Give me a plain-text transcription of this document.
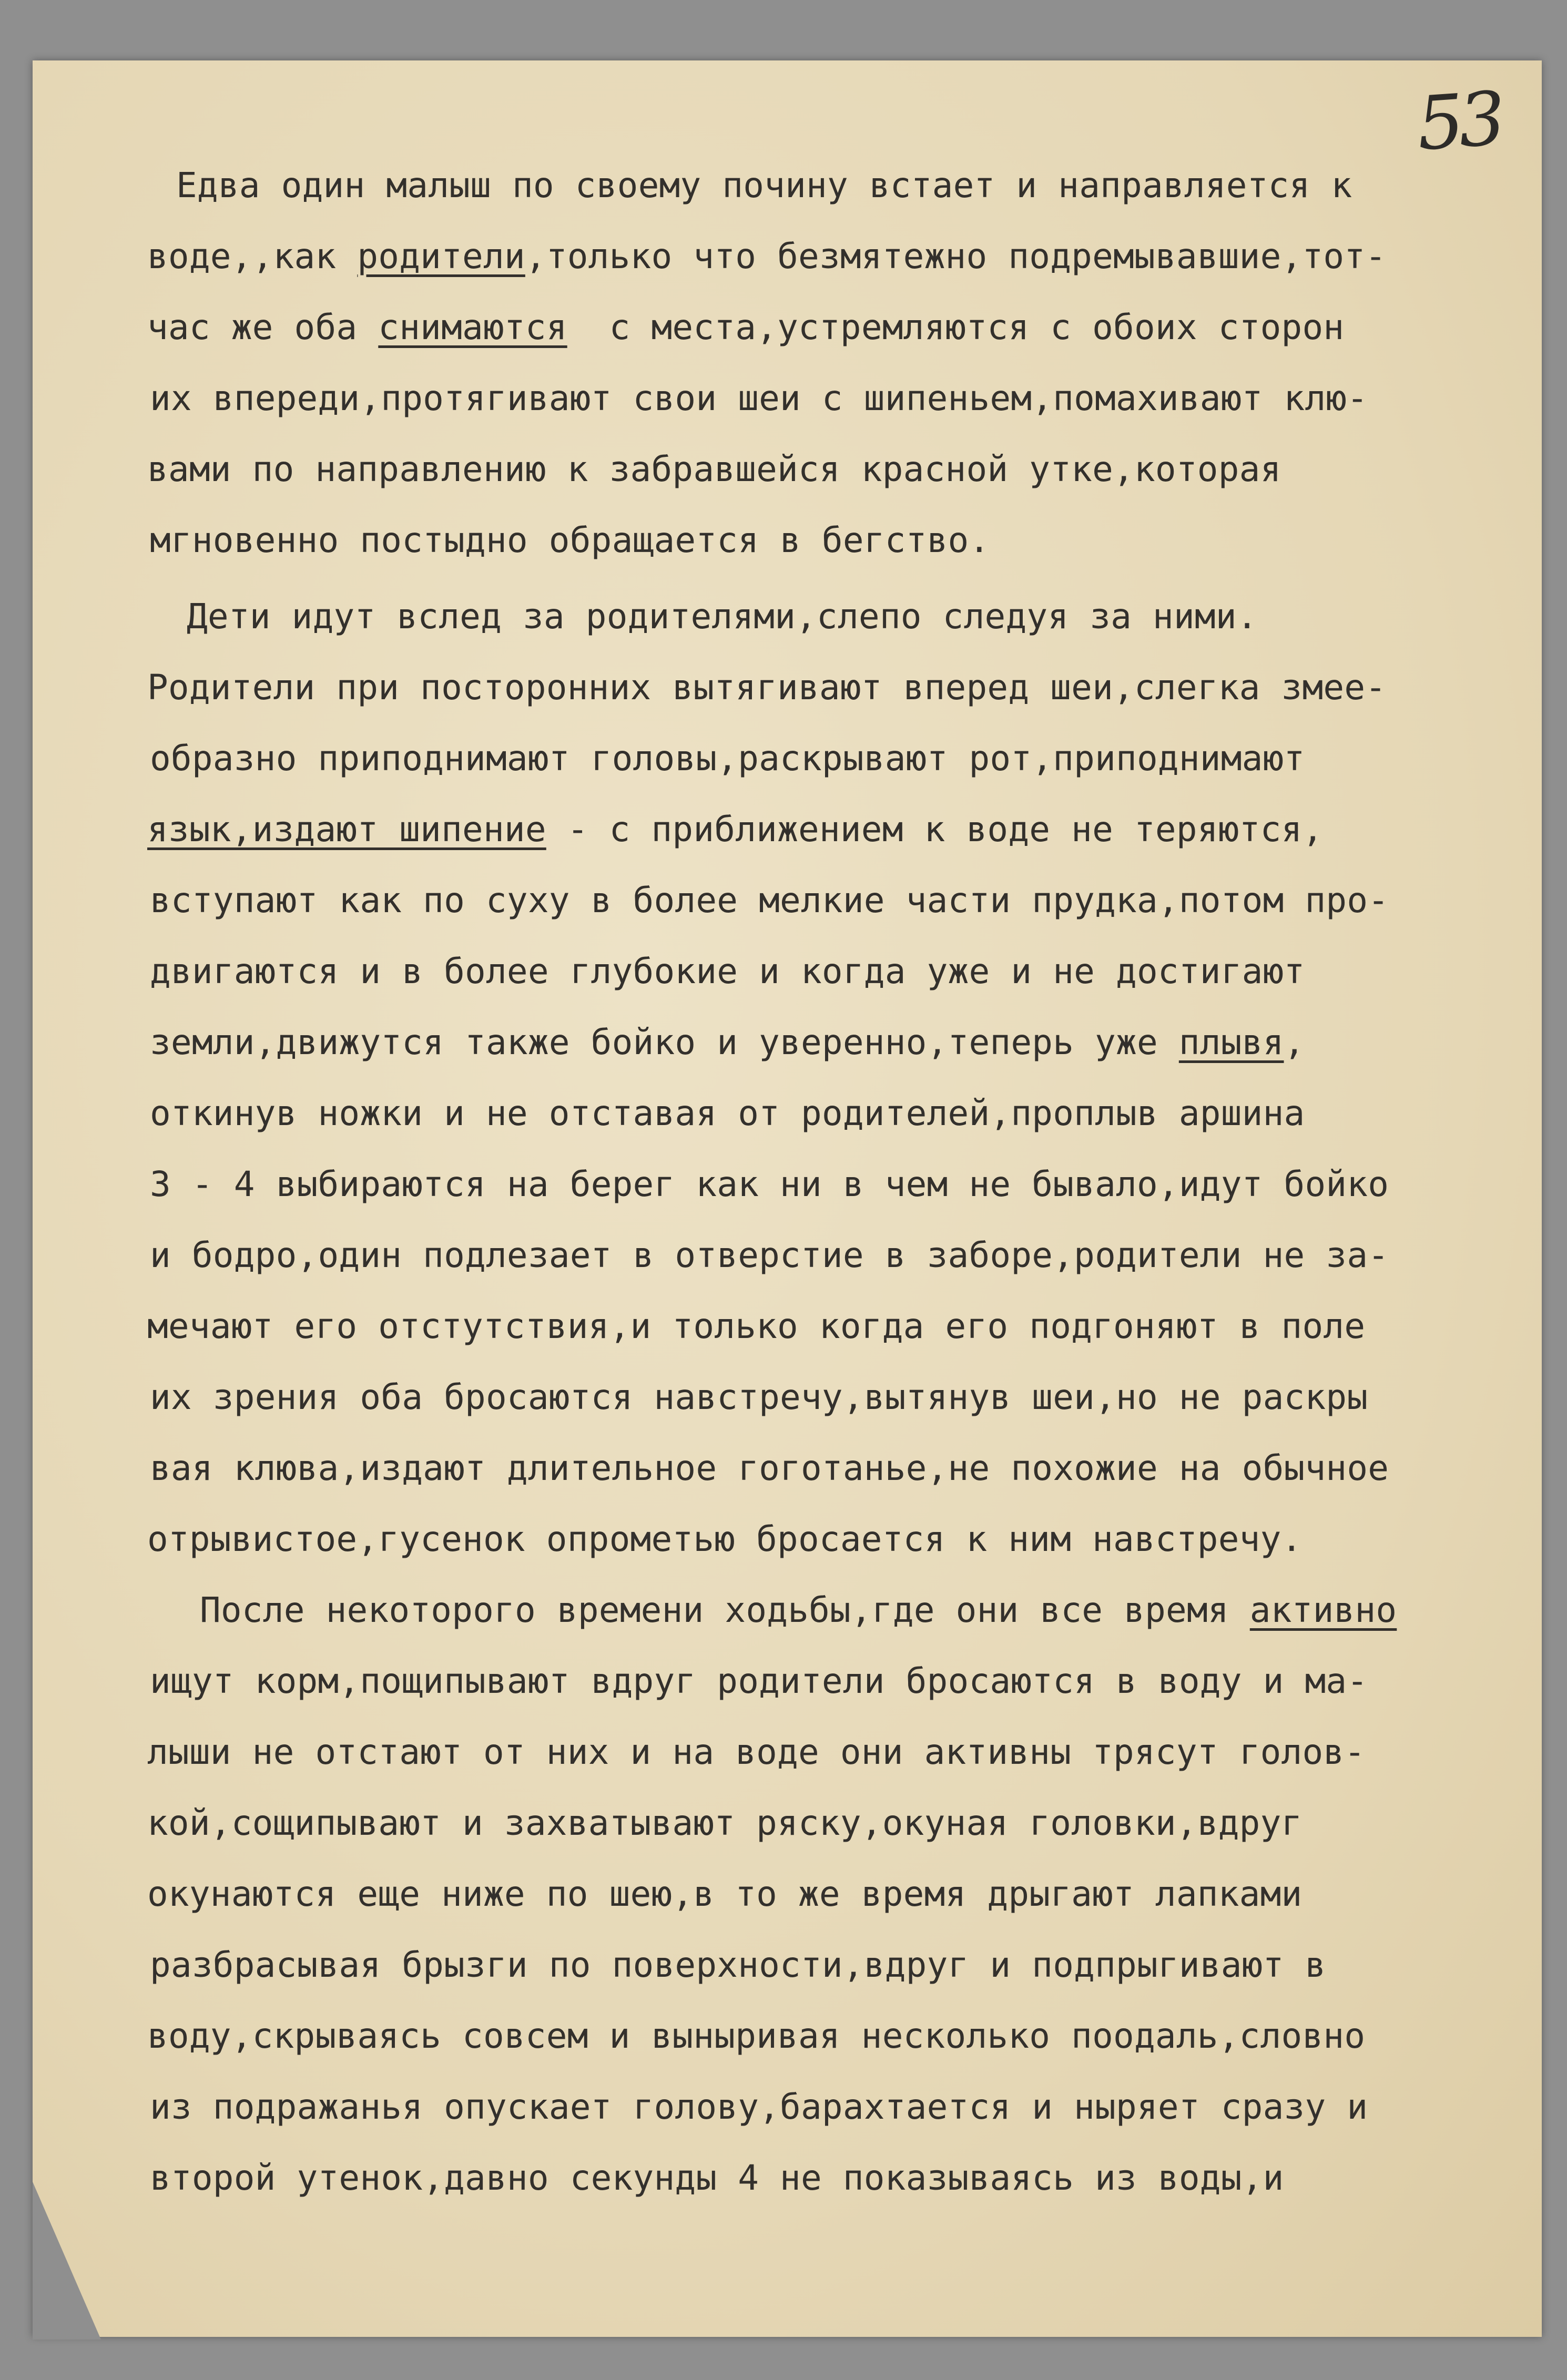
53

Едва один малыш по своему почину встает и направляется к

воде,,как родители,только что безмятежно подремывавшие,тот-

час же оба снимаются  с места,устремляются с обоих сторон

их впереди,протягивают свои шеи с шипеньем,помахивают клю-

вами по направлению к забравшейся красной утке,которая

мгновенно постыдно обращается в бегство.

Дети идут вслед за родителями,слепо следуя за ними.

Родители при посторонних вытягивают вперед шеи,слегка змее-

образно приподнимают головы,раскрывают рот,приподнимают

язык,издают шипение - с приближением к воде не теряются,

вступают как по суху в более мелкие части прудка,потом про-

двигаются и в более глубокие и когда уже и не достигают

земли,движутся также бойко и уверенно,теперь уже плывя,

откинув ножки и не отставая от родителей,проплыв аршина

3 - 4 выбираются на берег как ни в чем не бывало,идут бойко

и бодро,один подлезает в отверстие в заборе,родители не за-

мечают его отстутствия,и только когда его подгоняют в поле

их зрения оба бросаются навстречу,вытянув шеи,но не раскры

вая клюва,издают длительное гоготанье,не похожие на обычное

отрывистое,гусенок опрометью бросается к ним навстречу.

После некоторого времени ходьбы,где они все время активно

ищут корм,пощипывают вдруг родители бросаются в воду и ма-

лыши не отстают от них и на воде они активны трясут голов-

кой,сощипывают и захватывают ряску,окуная головки,вдруг

окунаются еще ниже по шею,в то же время дрыгают лапками

разбрасывая брызги по поверхности,вдруг и подпрыгивают в

воду,скрываясь совсем и выныривая несколько поодаль,словно

из подражанья опускает голову,барахтается и ныряет сразу и

второй утенок,давно секунды 4 не показываясь из воды,и
